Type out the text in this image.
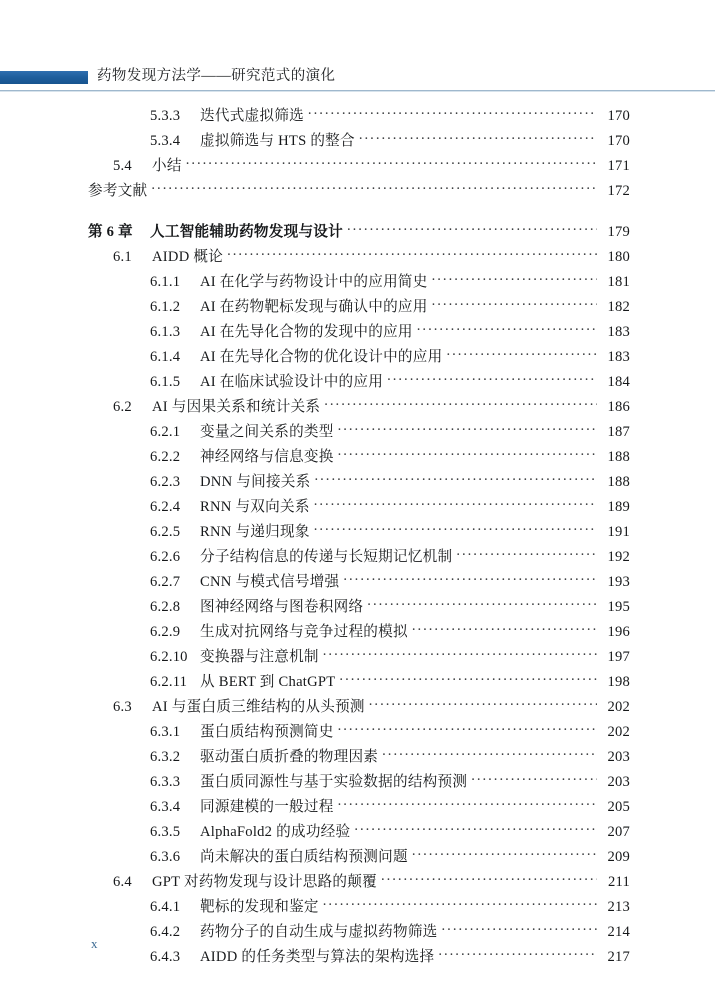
药物发现方法学——研究范式的演化
5.3.3	迭代式虚拟筛选 .....	170
5.3.4	虚拟筛选与 HTS 的整合 .....	170
5.4	小结 .....	171
参考文献 .....	172
第 6 章	人工智能辅助药物发现与设计 .....	179
6.1	AIDD 概论 .....	180
6.1.1	AI 在化学与药物设计中的应用简史 .....	181
6.1.2	AI 在药物靶标发现与确认中的应用 .....	182
6.1.3	AI 在先导化合物的发现中的应用 .....	183
6.1.4	AI 在先导化合物的优化设计中的应用 .....	183
6.1.5	AI 在临床试验设计中的应用 .....	184
6.2	AI 与因果关系和统计关系 .....	186
6.2.1	变量之间关系的类型 .....	187
6.2.2	神经网络与信息变换 .....	188
6.2.3	DNN 与间接关系 .....	188
6.2.4	RNN 与双向关系 .....	189
6.2.5	RNN 与递归现象 .....	191
6.2.6	分子结构信息的传递与长短期记忆机制 .....	192
6.2.7	CNN 与模式信号增强 .....	193
6.2.8	图神经网络与图卷积网络 .....	195
6.2.9	生成对抗网络与竞争过程的模拟 .....	196
6.2.10 变换器与注意机制 .....	197
6.2.11 从 BERT 到 ChatGPT .....	198
6.3	AI 与蛋白质三维结构的从头预测 .....	202
6.3.1	蛋白质结构预测简史 .....	202
6.3.2	驱动蛋白质折叠的物理因素 .....	203
6.3.3	蛋白质同源性与基于实验数据的结构预测 .....	203
6.3.4	同源建模的一般过程 .....	205
6.3.5	AlphaFold2 的成功经验 .....	207
6.3.6	尚未解决的蛋白质结构预测问题 .....	209
6.4	GPT 对药物发现与设计思路的颠覆 .....	211
6.4.1	靶标的发现和鉴定 .....	213
6.4.2	药物分子的自动生成与虚拟药物筛选 .....	214
6.4.3	AIDD 的任务类型与算法的架构选择 .....	217
x
